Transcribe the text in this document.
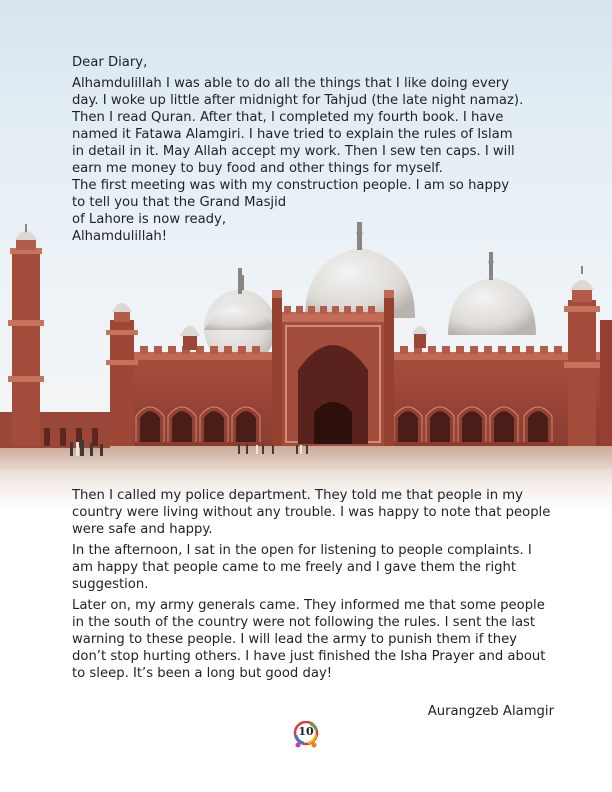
Dear Diary,

Alhamdulillah I was able to do all the things that I like doing every

day. I woke up little after midnight for Tahjud (the late night namaz).

Then I read Quran. After that, I completed my fourth book. I have

named it Fatawa Alamgiri. I have tried to explain the rules of Islam

in detail in it. May Allah accept my work. Then I sew ten caps. I will

earn me money to buy food and other things for myself.

The first meeting was with my construction people. I am so happy

to tell you that the Grand Masjid

of Lahore is now ready,

Alhamdulillah!

Then I called my police department. They told me that people in my country were living without any trouble. I was happy to note that people were safe and happy.

In the afternoon, I sat in the open for listening to people complaints. I am happy that people came to me freely and I gave them the right suggestion.

Later on, my army generals came. They informed me that some people in the south of the country were not following the rules. I sent the last warning to these people. I will lead the army to punish them if they don’t stop hurting others. I have just finished the Isha Prayer and about to sleep. It’s been a long but good day!

Aurangzeb Alamgir
10
